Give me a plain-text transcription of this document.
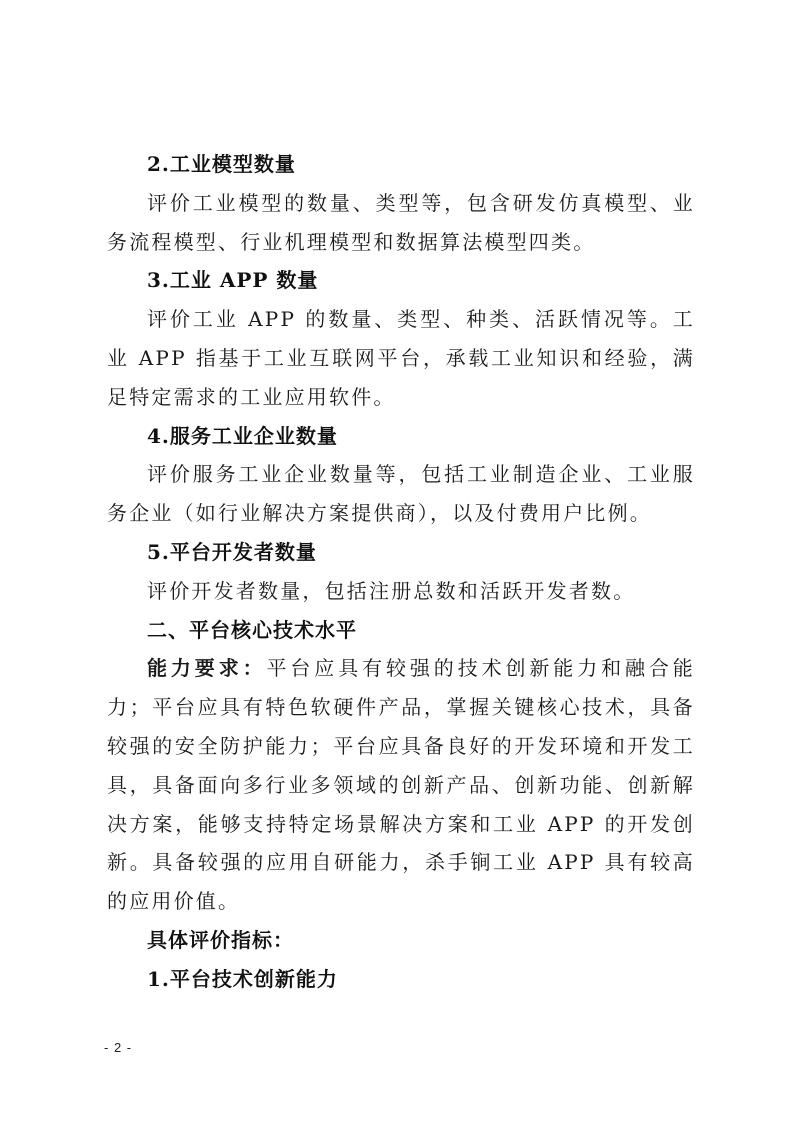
2.工业模型数量

评价工业模型的数量、类型等，包含研发仿真模型、业务流程模型、行业机理模型和数据算法模型四类。

3.工业 APP 数量

评价工业 APP 的数量、类型、种类、活跃情况等。工业 APP 指基于工业互联网平台，承载工业知识和经验，满足特定需求的工业应用软件。

4.服务工业企业数量

评价服务工业企业数量等，包括工业制造企业、工业服务企业（如行业解决方案提供商），以及付费用户比例。

5.平台开发者数量

评价开发者数量，包括注册总数和活跃开发者数。

二、平台核心技术水平

能力要求：平台应具有较强的技术创新能力和融合能力；平台应具有特色软硬件产品，掌握关键核心技术，具备较强的安全防护能力；平台应具备良好的开发环境和开发工具，具备面向多行业多领域的创新产品、创新功能、创新解决方案，能够支持特定场景解决方案和工业 APP 的开发创新。具备较强的应用自研能力，杀手锏工业 APP 具有较高的应用价值。

具体评价指标：

1.平台技术创新能力

- 2 -
